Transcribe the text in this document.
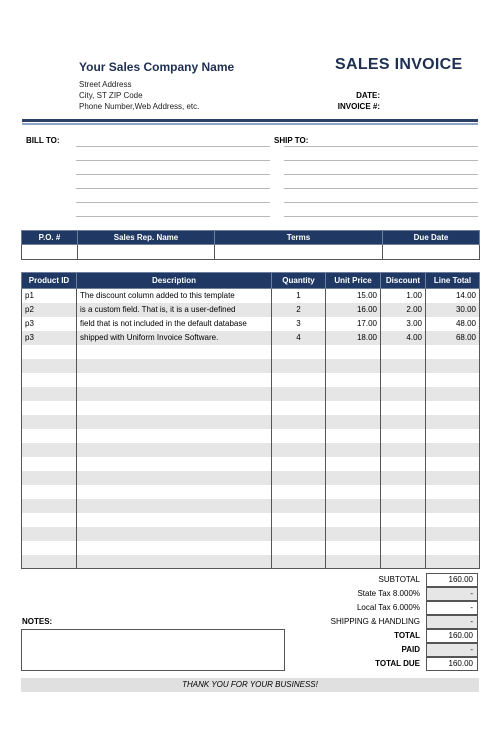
Your Sales Company Name
Street Address
City, ST ZIP Code
Phone Number,Web Address, etc.
SALES INVOICE
DATE:
INVOICE #:
BILL TO:	SHIP TO:
P.O. #	Sales Rep. Name	Terms	Due Date

Product ID	Description	Quantity	Unit Price	Discount	Line Total
p1	The discount column added to this template	1	15.00	1.00	14.00
p2	is a custom field. That is, it is a user-defined	2	16.00	2.00	30.00
p3	field that is not included in the default database	3	17.00	3.00	48.00
p3	shipped with Uniform Invoice Software.	4	18.00	4.00	68.00

SUBTOTAL	160.00
State Tax 8.000%	-
Local Tax 6.000%	-
SHIPPING & HANDLING	-
TOTAL	160.00
PAID	-
TOTAL DUE	160.00
NOTES:
THANK YOU FOR YOUR BUSINESS!
